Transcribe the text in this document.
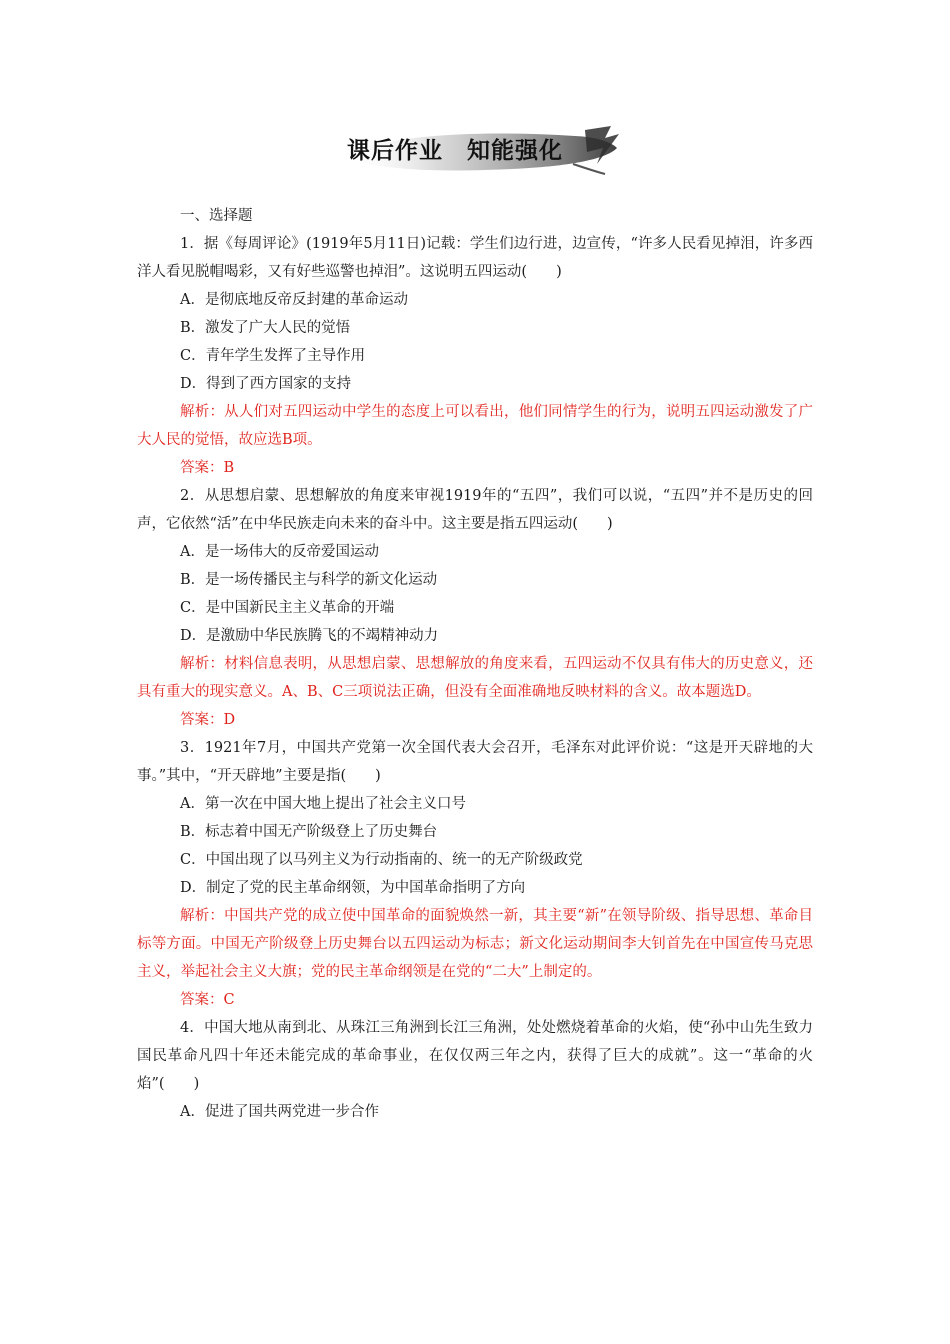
课后作业　知能强化

一、选择题

1．据《每周评论》(1919年5月11日)记载：学生们边行进，边宣传，“许多人民看见掉泪，许多西洋人看见脱帽喝彩，又有好些巡警也掉泪”。这说明五四运动(　　)

A．是彻底地反帝反封建的革命运动

B．激发了广大人民的觉悟

C．青年学生发挥了主导作用

D．得到了西方国家的支持

解析：从人们对五四运动中学生的态度上可以看出，他们同情学生的行为，说明五四运动激发了广大人民的觉悟，故应选B项。

答案：B

2．从思想启蒙、思想解放的角度来审视1919年的“五四”，我们可以说，“五四”并不是历史的回声，它依然“活”在中华民族走向未来的奋斗中。这主要是指五四运动(　　)

A．是一场伟大的反帝爱国运动

B．是一场传播民主与科学的新文化运动

C．是中国新民主主义革命的开端

D．是激励中华民族腾飞的不竭精神动力

解析：材料信息表明，从思想启蒙、思想解放的角度来看，五四运动不仅具有伟大的历史意义，还具有重大的现实意义。A、B、C三项说法正确，但没有全面准确地反映材料的含义。故本题选D。

答案：D

3．1921年7月，中国共产党第一次全国代表大会召开，毛泽东对此评价说：“这是开天辟地的大事。”其中，“开天辟地”主要是指(　　)

A．第一次在中国大地上提出了社会主义口号

B．标志着中国无产阶级登上了历史舞台

C．中国出现了以马列主义为行动指南的、统一的无产阶级政党

D．制定了党的民主革命纲领，为中国革命指明了方向

解析：中国共产党的成立使中国革命的面貌焕然一新，其主要“新”在领导阶级、指导思想、革命目标等方面。中国无产阶级登上历史舞台以五四运动为标志；新文化运动期间李大钊首先在中国宣传马克思主义，举起社会主义大旗；党的民主革命纲领是在党的“二大”上制定的。

答案：C

4．中国大地从南到北、从珠江三角洲到长江三角洲，处处燃烧着革命的火焰，使“孙中山先生致力国民革命凡四十年还未能完成的革命事业，在仅仅两三年之内，获得了巨大的成就”。这一“革命的火焰”(　　)

A．促进了国共两党进一步合作
